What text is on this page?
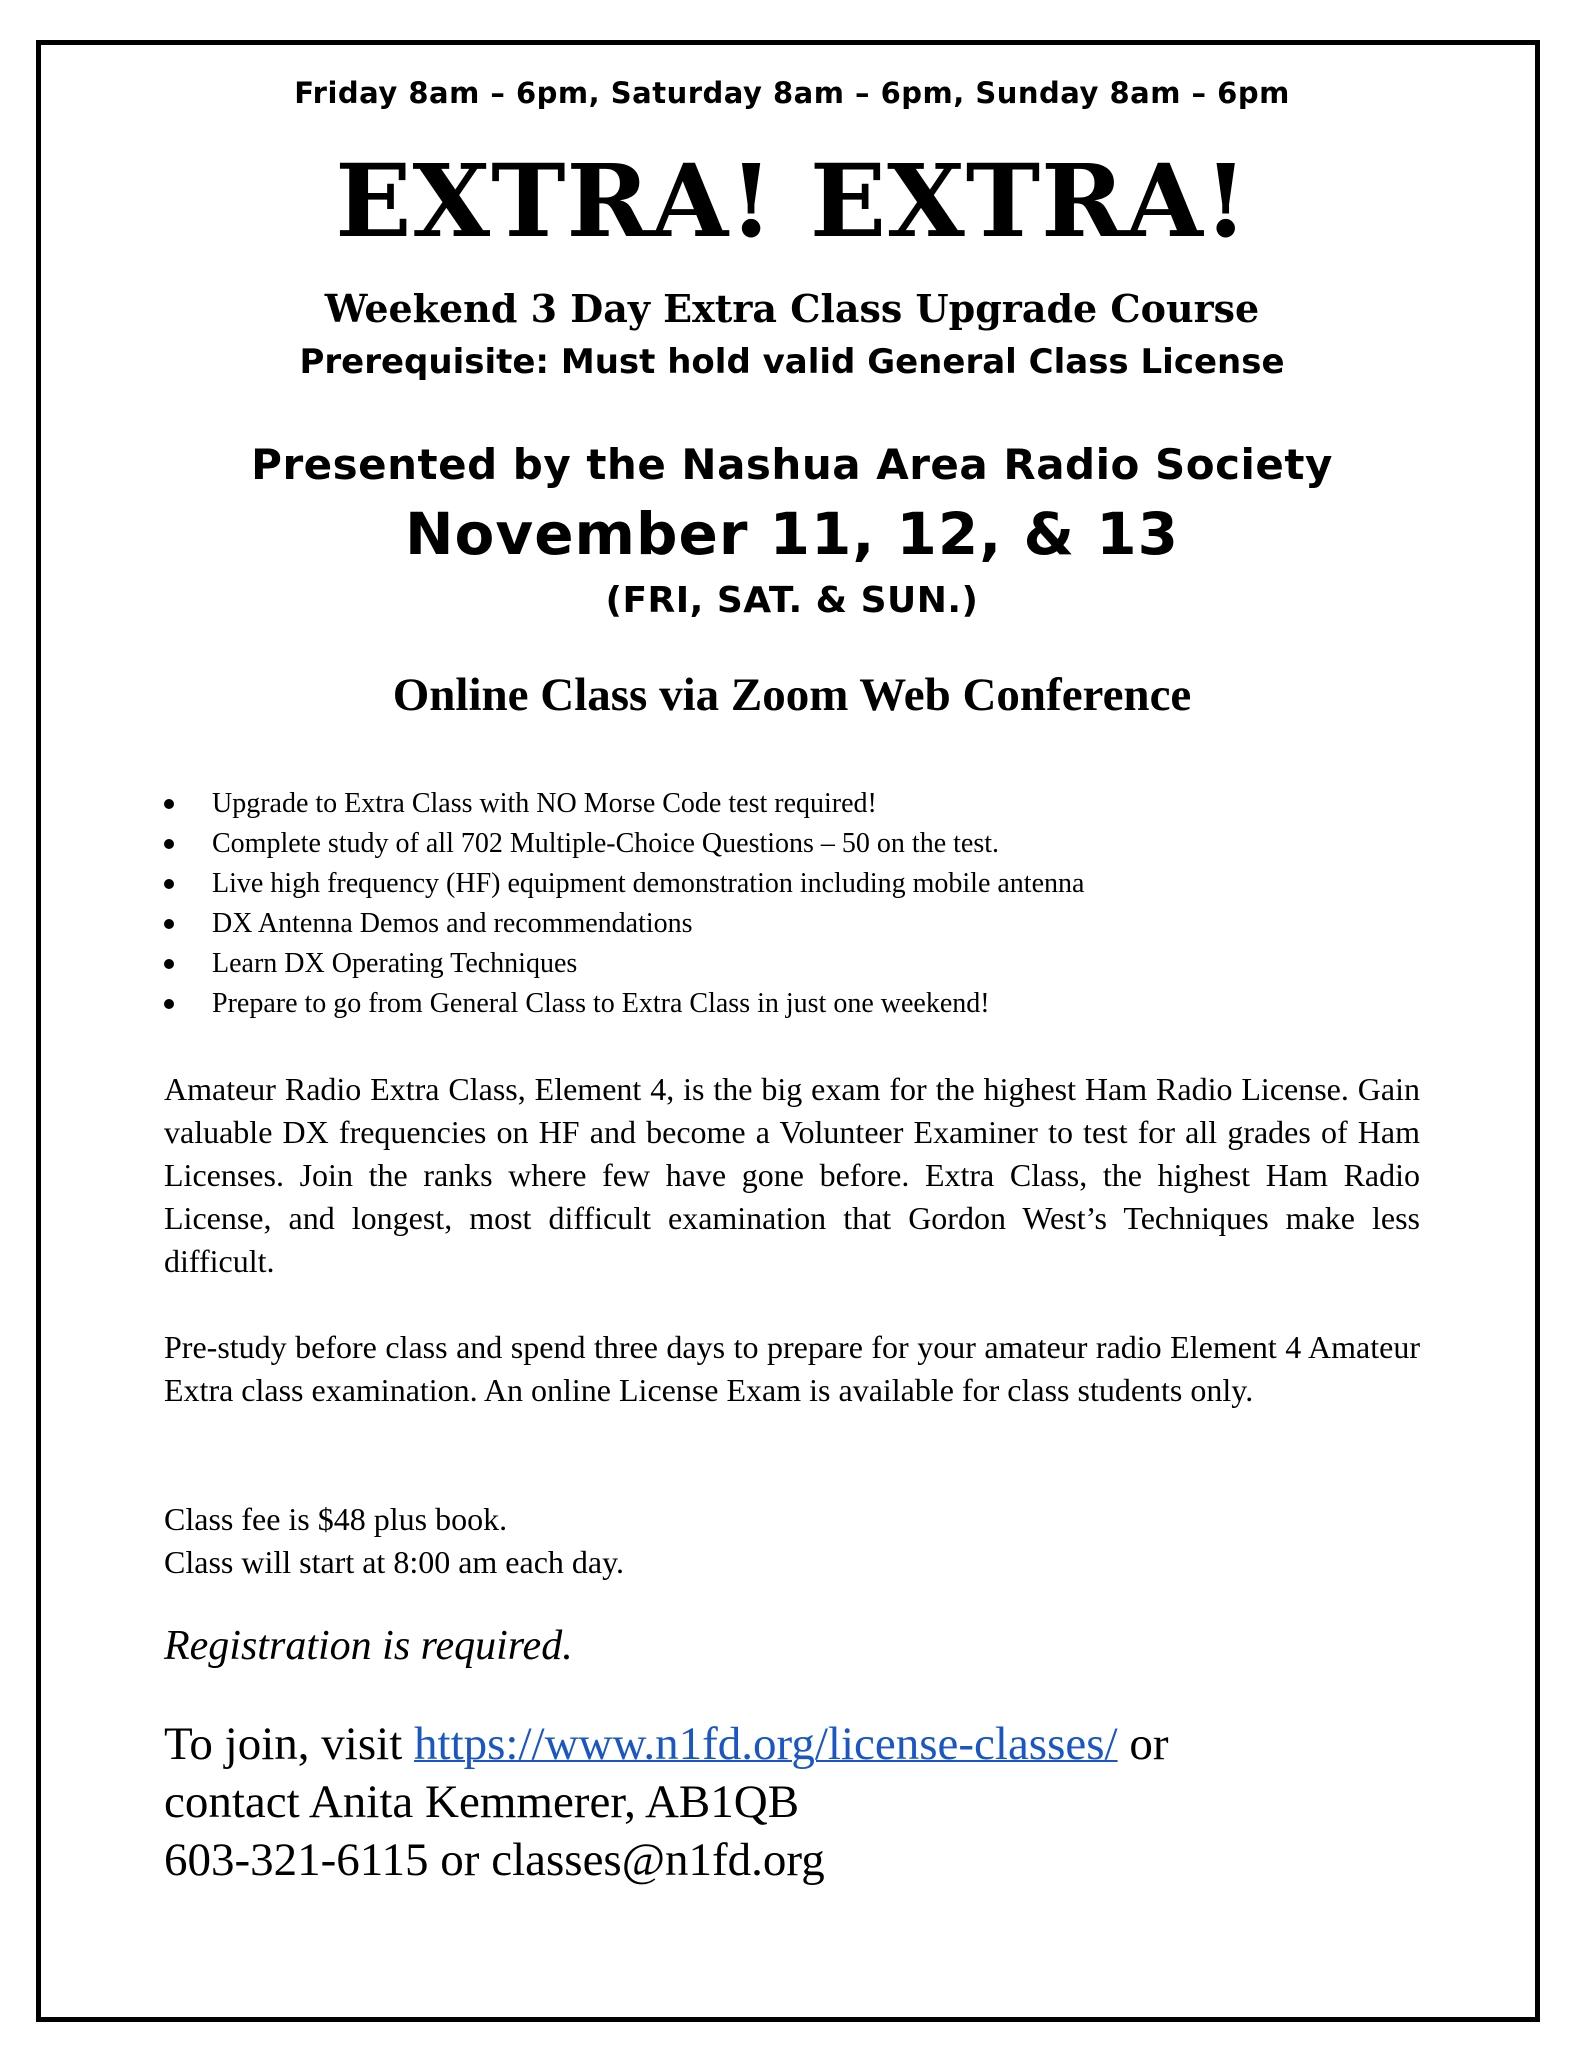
Friday 8am – 6pm, Saturday 8am – 6pm, Sunday 8am – 6pm
EXTRA! EXTRA!
Weekend 3 Day Extra Class Upgrade Course
Prerequisite: Must hold valid General Class License
Presented by the Nashua Area Radio Society
November 11, 12, & 13
(FRI, SAT. & SUN.)
Online Class via Zoom Web Conference
Upgrade to Extra Class with NO Morse Code test required!
Complete study of all 702 Multiple-Choice Questions – 50 on the test.
Live high frequency (HF) equipment demonstration including mobile antenna
DX Antenna Demos and recommendations
Learn DX Operating Techniques
Prepare to go from General Class to Extra Class in just one weekend!

Amateur Radio Extra Class, Element 4, is the big exam for the highest Ham Radio License. Gain valuable DX frequencies on HF and become a Volunteer Examiner to test for all grades of Ham Licenses. Join the ranks where few have gone before. Extra Class, the highest Ham Radio License, and longest, most difficult examination that Gordon West’s Techniques make less difficult.

Pre-study before class and spend three days to prepare for your amateur radio Element 4 Amateur Extra class examination. An online License Exam is available for class students only.

Class fee is $48 plus book.
Class will start at 8:00 am each day.
Registration is required.
To join, visit https://www.n1fd.org/license-classes/ or
contact Anita Kemmerer, AB1QB
603-321-6115 or classes@n1fd.org
